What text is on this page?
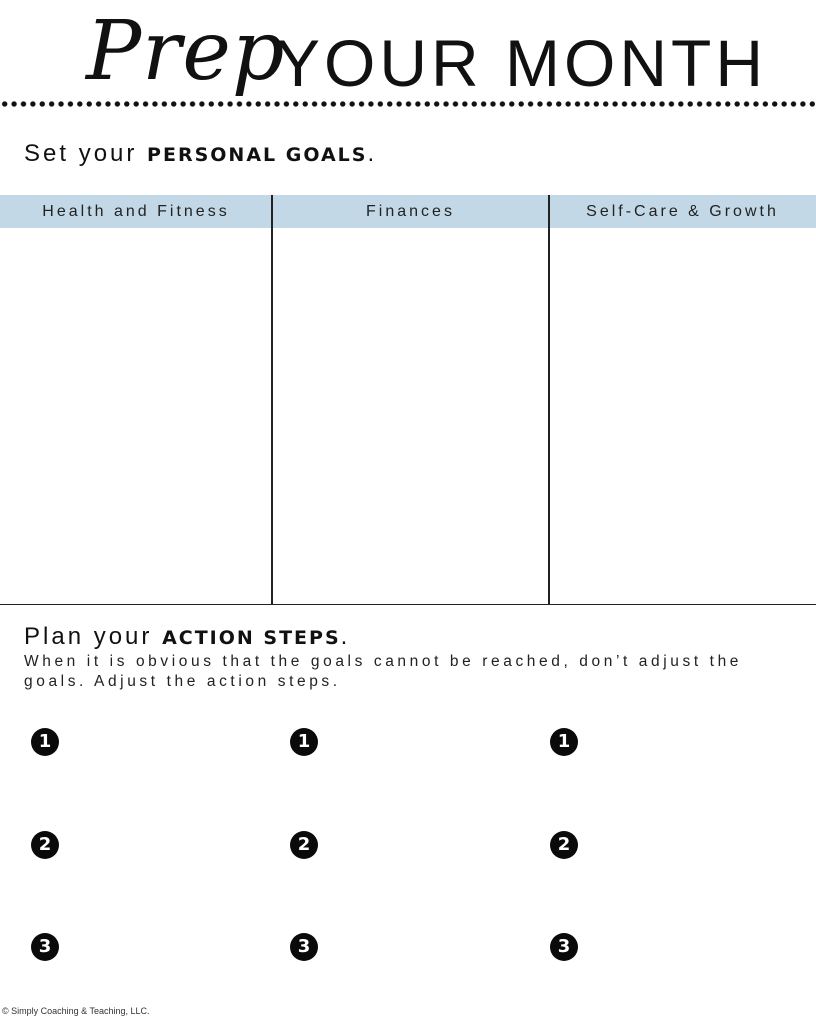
Prep
YOUR MONTH
Set your PERSONAL GOALS.
Health and Fitness	Finances	Self-Care & Growth
Plan your ACTION STEPS.
When it is obvious that the goals cannot be reached, don’t adjust the goals. Adjust the action steps.
1
2
3
1
2
3
1
2
3
© Simply Coaching & Teaching, LLC.
